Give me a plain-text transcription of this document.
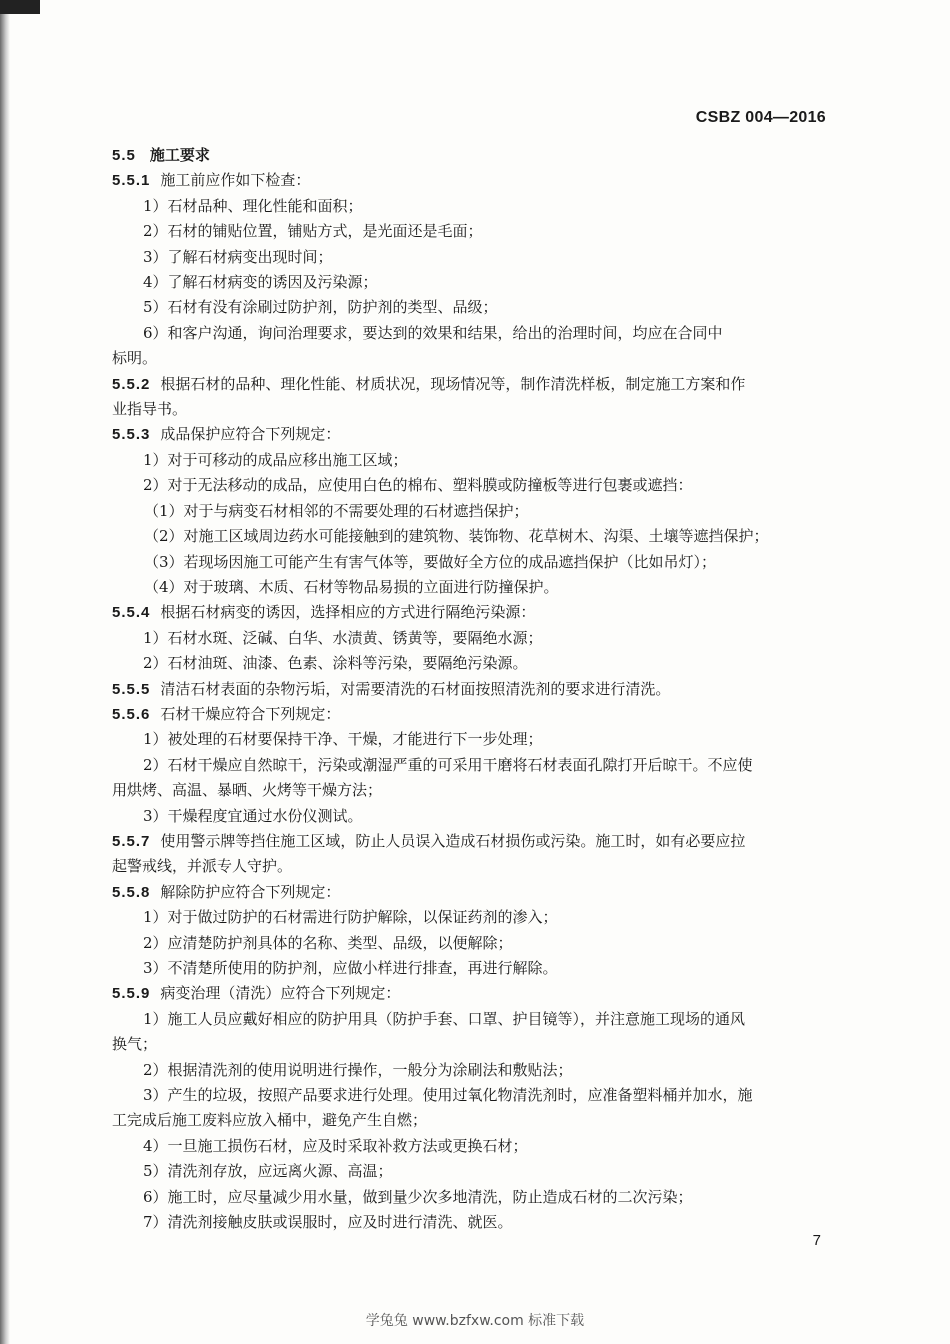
CSBZ 004—2016
5.5 施工要求
5.5.1 施工前应作如下检查：
1）石材品种、理化性能和面积；
2）石材的铺贴位置，铺贴方式，是光面还是毛面；
3）了解石材病变出现时间；
4）了解石材病变的诱因及污染源；
5）石材有没有涂刷过防护剂，防护剂的类型、品级；
6）和客户沟通，询问治理要求，要达到的效果和结果，给出的治理时间，均应在合同中
标明。
5.5.2 根据石材的品种、理化性能、材质状况，现场情况等，制作清洗样板，制定施工方案和作
业指导书。
5.5.3 成品保护应符合下列规定：
1）对于可移动的成品应移出施工区域；
2）对于无法移动的成品，应使用白色的棉布、塑料膜或防撞板等进行包裹或遮挡：
（1）对于与病变石材相邻的不需要处理的石材遮挡保护；
（2）对施工区域周边药水可能接触到的建筑物、装饰物、花草树木、沟渠、土壤等遮挡保护；
（3）若现场因施工可能产生有害气体等，要做好全方位的成品遮挡保护（比如吊灯）；
（4）对于玻璃、木质、石材等物品易损的立面进行防撞保护。
5.5.4 根据石材病变的诱因，选择相应的方式进行隔绝污染源：
1）石材水斑、泛碱、白华、水渍黄、锈黄等，要隔绝水源；
2）石材油斑、油漆、色素、涂料等污染，要隔绝污染源。
5.5.5 清洁石材表面的杂物污垢，对需要清洗的石材面按照清洗剂的要求进行清洗。
5.5.6 石材干燥应符合下列规定：
1）被处理的石材要保持干净、干燥，才能进行下一步处理；
2）石材干燥应自然晾干，污染或潮湿严重的可采用干磨将石材表面孔隙打开后晾干。不应使
用烘烤、高温、暴晒、火烤等干燥方法；
3）干燥程度宜通过水份仪测试。
5.5.7 使用警示牌等挡住施工区域，防止人员误入造成石材损伤或污染。施工时，如有必要应拉
起警戒线，并派专人守护。
5.5.8 解除防护应符合下列规定：
1）对于做过防护的石材需进行防护解除，以保证药剂的渗入；
2）应清楚防护剂具体的名称、类型、品级，以便解除；
3）不清楚所使用的防护剂，应做小样进行排查，再进行解除。
5.5.9 病变治理（清洗）应符合下列规定：
1）施工人员应戴好相应的防护用具（防护手套、口罩、护目镜等），并注意施工现场的通风
换气；
2）根据清洗剂的使用说明进行操作，一般分为涂刷法和敷贴法；
3）产生的垃圾，按照产品要求进行处理。使用过氧化物清洗剂时，应准备塑料桶并加水，施
工完成后施工废料应放入桶中，避免产生自燃；
4）一旦施工损伤石材，应及时采取补救方法或更换石材；
5）清洗剂存放，应远离火源、高温；
6）施工时，应尽量减少用水量，做到量少次多地清洗，防止造成石材的二次污染；
7）清洗剂接触皮肤或误服时，应及时进行清洗、就医。
7
学兔兔 www.bzfxw.com 标准下载
